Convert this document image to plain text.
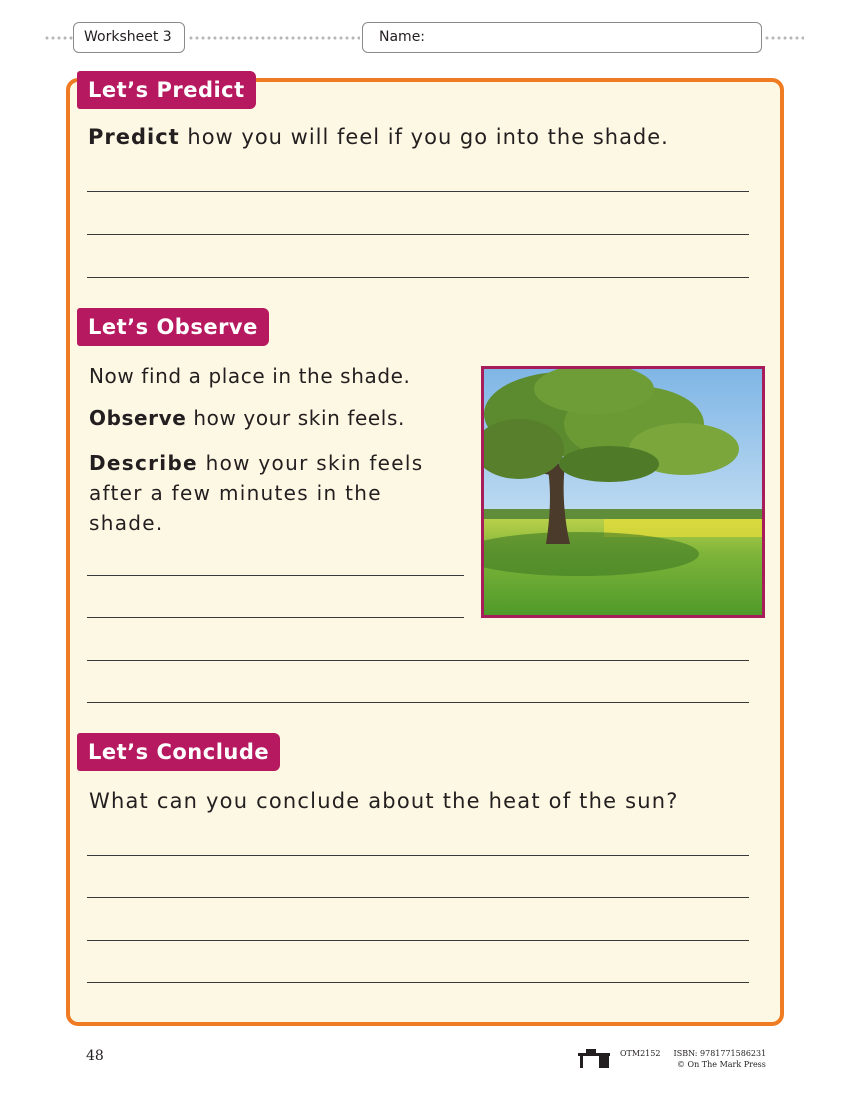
Worksheet 3	Name:
Let’s Predict
Predict how you will feel if you go into the shade.
Let’s Observe
Now find a place in the shade.
Observe how your skin feels.
Describe how your skin feels after a few minutes in the shade.
Let’s Conclude
What can you conclude about the heat of the sun?
48	OTM2152 ISBN: 9781771586231
© On The Mark Press
